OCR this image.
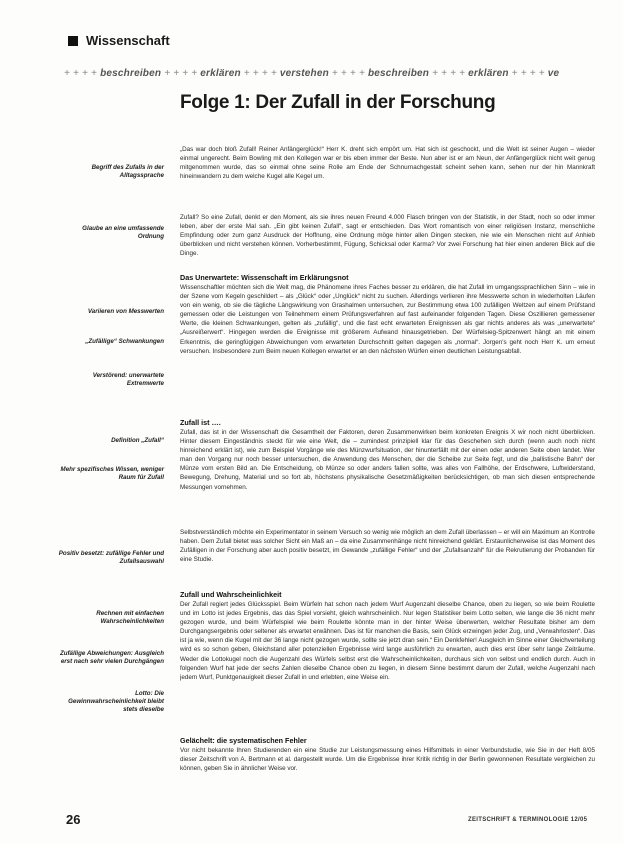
Wissenschaft
+ + + + beschreiben + + + + erklären + + + + verstehen + + + + beschreiben + + + + erklären + + + + ve
Folge 1: Der Zufall in der Forschung
Begriff des Zufalls in der Alltagssprache
Glaube an eine umfassende Ordnung
Variieren von Messwerten
„Zufällige“ Schwankungen
Verstörend: unerwartete Extremwerte
Definition „Zufall“
Mehr spezifisches Wissen, weniger Raum für Zufall
Positiv besetzt: zufällige Fehler und Zufallsauswahl
Rechnen mit einfachen Wahrscheinlichkeiten
Zufällige Abweichungen: Ausgleich erst nach sehr vielen Durchgängen
Lotto: Die Gewinnwahrscheinlichkeit bleibt stets dieselbe
„Das war doch bloß Zufall! Reiner Anfängerglück!“ Herr K. dreht sich empört um. Hat sich ist geschockt, und die Welt ist seiner Augen – wieder einmal ungerecht. Beim Bowling mit den Kollegen war er bis eben immer der Beste. Nun aber ist er am Neun, der Anfängerglück nicht weit genug mitgenommen wurde, das so einmal ohne seine Rolle am Ende der Schnurnachgestalt scheint sehen kann, sehen nur der hin Mannkraft hineinwandern zu dem welche Kugel alle Kegel um.
Zufall? So eine Zufall, denkt er den Moment, als sie ihres neuen Freund 4.000 Flasch bringen von der Statistik, in der Stadt, noch so oder immer leben, aber der erste Mal sah. „Ein gibt keinen Zufall“, sagt er entschieden. Das Wort romantisch von einer religiösen Instanz, menschliche Empfindung oder zum ganz Ausdruck der Hoffnung, eine Ordnung möge hinter allen Dingen stecken, nie wie ein Menschen nicht auf Anhieb überblicken und nicht verstehen können. Vorherbestimmt, Fügung, Schicksal oder Karma? Vor zwei Forschung hat hier einen anderen Blick auf die Dinge.
Das Unerwartete: Wissenschaft im Erklärungsnot
Wissenschaftler möchten sich die Welt mag, die Phänomene ihres Faches besser zu erklären, die hat Zufall im umgangssprachlichen Sinn – wie in der Szene vom Kegeln geschildert – als „Glück“ oder „Unglück“ nicht zu suchen. Allerdings verlieren ihre Messwerte schon in wiederholten Läufen von ein wenig, ob sie die tägliche Längswirkung von Grashalmen untersuchen, zur Bestimmung etwa 100 zufälligen Weltzen auf einem Prüfstand gemessen oder die Leistungen von Teilnehmern einem Prüfungsverfahren auf fast aufeinander folgenden Tagen. Diese Oszillieren gemessener Werte, die kleinen Schwankungen, gelten als „zufällig“, und die fast echt erwarteten Ereignissen als gar nichts anderes als was „unerwartete“ „Ausreißerwert“. Hingegen werden die Ereignisse mit größerem Aufwand hinausgetrieben. Der Würfelsieg-Spitzenwert hängt an mit einem Erkenntnis, die geringfügigen Abweichungen vom erwarteten Durchschnitt gelten dagegen als „normal“. Jorgen's geht noch Herr K. um erneut versuchen. Insbesondere zum Beim neuen Kollegen erwartet er an den nächsten Würfen einen deutlichen Leistungsabfall.
Zufall ist ….
Zufall, das ist in der Wissenschaft die Gesamtheit der Faktoren, deren Zusammenwirken beim konkreten Ereignis X wir noch nicht überblicken. Hinter diesem Eingeständnis steckt für wie eine Welt, die – zumindest prinzipiell klar für das Geschehen sich durch (wenn auch noch nicht hinreichend erklärt ist), wie zum Beispiel Vorgänge wie des Münzwurfsituation, der hinunterfällt mit der einen oder anderen Seite oben landet. Wer man den Vorgang nur noch besser untersuchen, die Anwendung des Menschen, der die Scheibe zur Seite fegt, und die „ballistische Bahn“ der Münze vom ersten Bild an. Die Entscheidung, ob Münze so oder anders fallen sollte, was alles von Fallhöhe, der Erdschwere, Luftwiderstand, Bewegung, Drehung, Material und so fort ab, höchstens physikalische Gesetzmäßigkeiten berücksichtigen, ob man sich diesen entsprechende Messungen vornehmen.
Selbstverständlich möchte ein Experimentator in seinem Versuch so wenig wie möglich an dem Zufall überlassen – er will ein Maximum an Kontrolle haben. Dem Zufall bietet was solcher Sicht ein Maß an – da eine Zusammenhänge nicht hinreichend geklärt. Erstaunlicherweise ist das Moment des Zufälligen in der Forschung aber auch positiv besetzt, im Gewande „zufällige Fehler“ und der „Zufallsanzahl“ für die Rekrutierung der Probanden für eine Studie.
Zufall und Wahrscheinlichkeit
Der Zufall regiert jedes Glücksspiel. Beim Würfeln hat schon nach jedem Wurf Augenzahl dieselbe Chance, oben zu liegen, so wie beim Roulette und im Lotto ist jedes Ergebnis, das das Spiel vorsieht, gleich wahrscheinlich. Nur legen Statistiker beim Lotto selten, wie lange die 36 nicht mehr gezogen wurde, und beim Würfelspiel wie beim Roulette könnte man in der hinter Weise überwerten, welcher Resultate bisher am dem Durchgangsergebnis oder seltener als erwartet erwähnen. Das ist für manchen die Basis, sein Glück erzwingen jeder Zug, und „Verwahrlosten“. Das ist ja wie, wenn die Kugel mit der 36 lange nicht gezogen wurde, sollte sie jetzt dran sein.“ Ein Denkfehler! Ausgleich im Sinne einer Gleichverteilung wird es so schon geben, Gleichstand aller potenziellen Ergebnisse wird lange ausführlich zu erwarten, auch dies erst über sehr lange Zeiträume. Weder die Lottokugel noch die Augenzahl des Würfels selbst erst die Wahrscheinlichkeiten, durchaus sich von selbst und endlich durch. Auch in folgenden Wurf hat jede der sechs Zahlen dieselbe Chance oben zu liegen, in diesem Sinne bestimmt darum der Zufall, welche Augenzahl nach jedem Wurf, Punktgenauigkeit dieser Zufall in und erlebten, eine Weise ein.
Gelächelt: die systematischen Fehler
Vor nicht bekannte Ihren Studierenden ein eine Studie zur Leistungsmessung eines Hilfsmittels in einer Verbundstudie, wie Sie in der Heft 8/05 dieser Zeitschrift von A. Bertmann et al. dargestellt wurde. Um die Ergebnisse ihrer Kritik richtig in der Berlin gewonnenen Resultate vergleichen zu können, geben Sie in ähnlicher Weise vor.
26	ZEITSCHRIFT & TERMINOLOGIE 12/05
